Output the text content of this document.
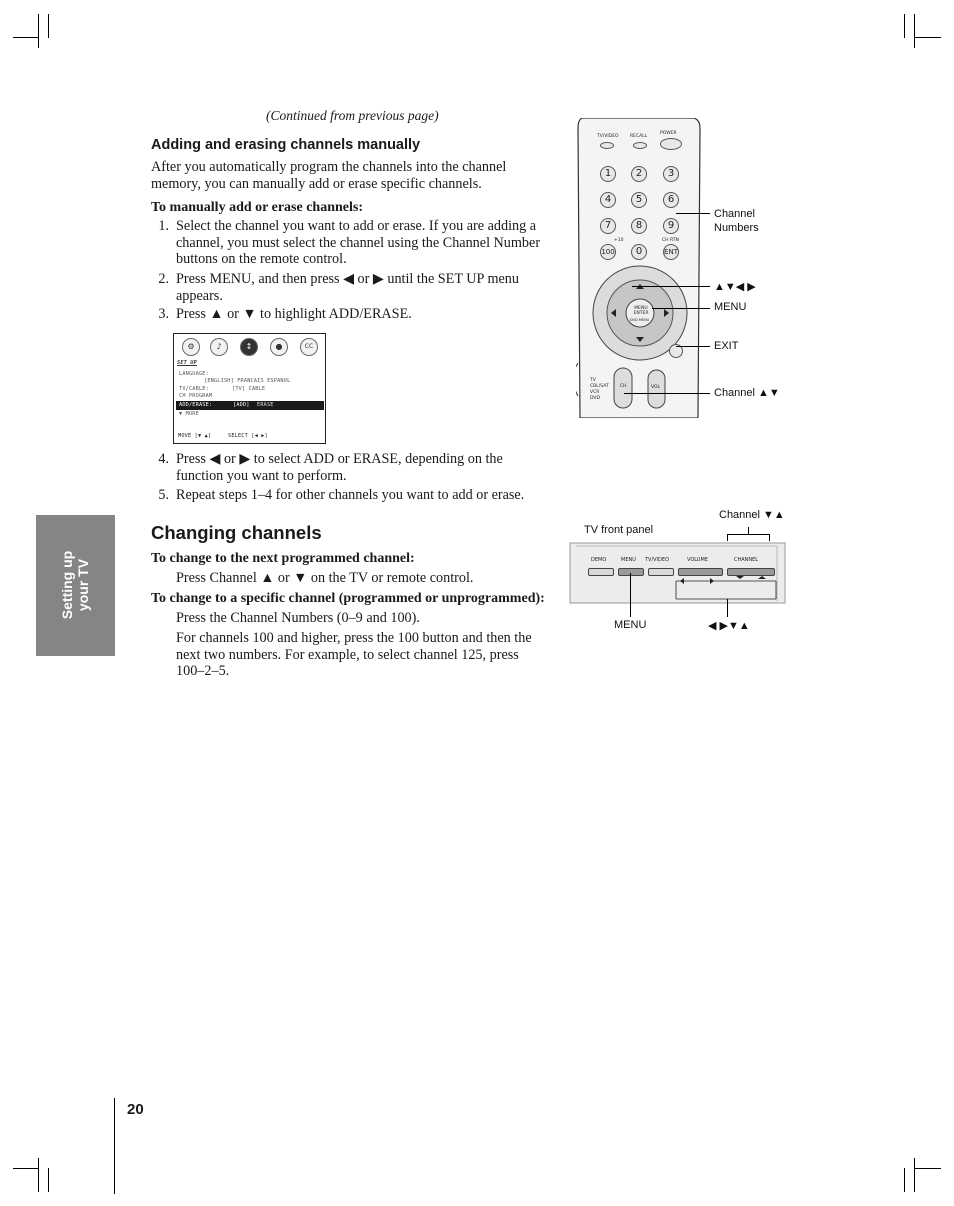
Setting up your TV
20
(Continued from previous page)
Adding and erasing channels manually
After you automatically program the channels into the channel
memory, you can manually add or erase specific channels.
To manually add or erase channels:
1. Select the channel you want to add or erase. If you are adding a
channel, you must select the channel using the Channel Number
buttons on the remote control.
2. Press MENU, and then press ◀ or ▶ until the SET UP menu
appears.
3. Press ▲ or ▼ to highlight ADD/ERASE.
⚙	♪	↕	●	CC
SET UP
LANGUAGE:
[ENGLISH] FRANCAIS ESPANOL
TV/CABLE:	[TV] CABLE
CH PROGRAM
ADD/ERASE:	[ADD] ERASE
▼ MORE
MOVE [▼ ▲]	SELECT [◀ ▶]
4. Press ◀ or ▶ to select ADD or ERASE, depending on the
function you want to perform.
5. Repeat steps 1–4 for other channels you want to add or erase.
Changing channels
To change to the next programmed channel:
Press Channel ▲ or ▼ on the TV or remote control.
To change to a specific channel (programmed or unprogrammed):
Press the Channel Numbers (0–9 and 100).
For channels 100 and higher, press the 100 button and then the
next two numbers. For example, to select channel 125, press
100–2–5.
TV/VIDEO	RECALL
POWER
1	2	3
4	5	6
7	8	9
+10	CH RTN
100	0	ENT
MENU ENTER
DVD MENU
CH	VOL
TV
CBL/SAT
VCR
DVD
Channel
Numbers
▲▼◀ ▶
MENU
EXIT
Channel ▲▼
TV front panel
Channel ▼▲
DEMO	MENU TV/VIDEO	VOLUME	CHANNEL
MENU	◀ ▶▼▲
